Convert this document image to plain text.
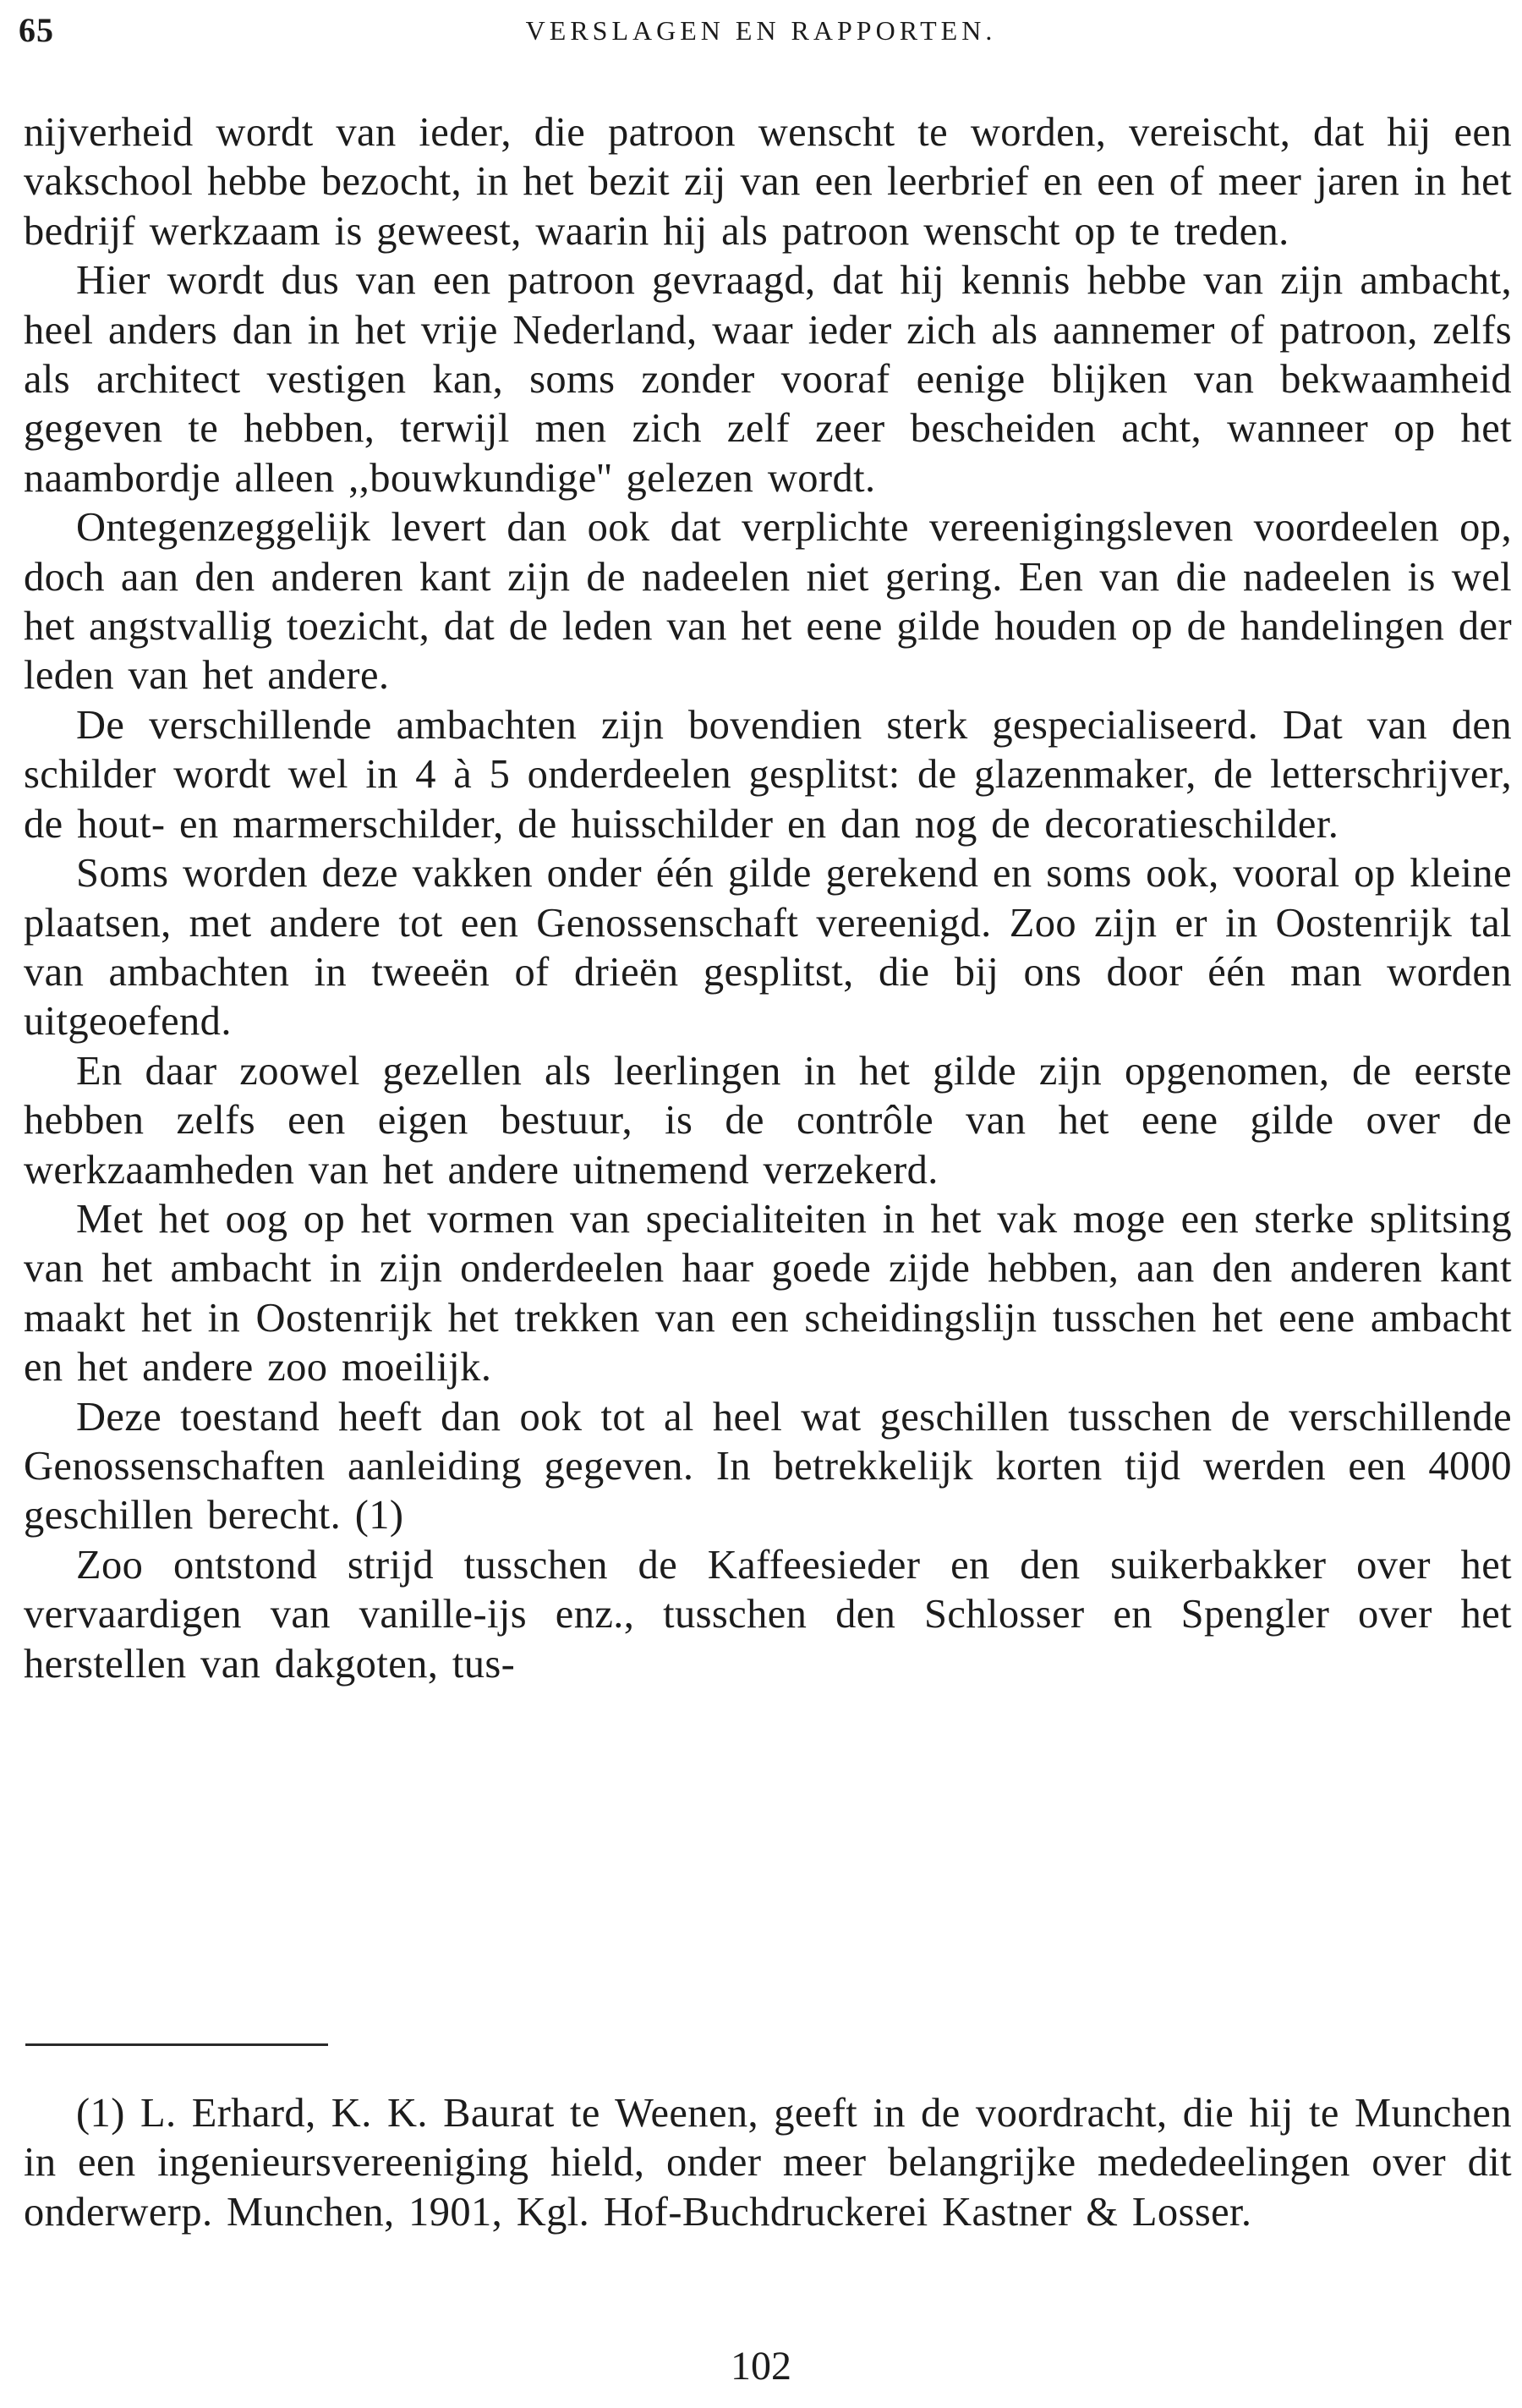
65	VERSLAGEN EN RAPPORTEN.

nijverheid wordt van ieder, die patroon wenscht te worden, vereischt, dat hij een vakschool hebbe bezocht, in het bezit zij van een leerbrief en een of meer jaren in het bedrijf werkzaam is geweest, waarin hij als patroon wenscht op te treden.

Hier wordt dus van een patroon gevraagd, dat hij kennis hebbe van zijn ambacht, heel anders dan in het vrije Nederland, waar ieder zich als aannemer of patroon, zelfs als architect vestigen kan, soms zonder vooraf eenige blijken van bekwaamheid gegeven te hebben, terwijl men zich zelf zeer bescheiden acht, wanneer op het naambordje alleen ,,bouwkundige'' gelezen wordt.

Ontegenzeggelijk levert dan ook dat verplichte vereenigingsleven voordeelen op, doch aan den anderen kant zijn de nadeelen niet gering. Een van die nadeelen is wel het angstvallig toezicht, dat de leden van het eene gilde houden op de handelingen der leden van het andere.

De verschillende ambachten zijn bovendien sterk gespecialiseerd. Dat van den schilder wordt wel in 4 à 5 onderdeelen gesplitst: de glazenmaker, de letterschrijver, de hout- en marmerschilder, de huisschilder en dan nog de decoratieschilder.

Soms worden deze vakken onder één gilde gerekend en soms ook, vooral op kleine plaatsen, met andere tot een Genossenschaft vereenigd. Zoo zijn er in Oostenrijk tal van ambachten in tweeën of drieën gesplitst, die bij ons door één man worden uitgeoefend.

En daar zoowel gezellen als leerlingen in het gilde zijn opgenomen, de eerste hebben zelfs een eigen bestuur, is de contrôle van het eene gilde over de werkzaamheden van het andere uitnemend verzekerd.

Met het oog op het vormen van specialiteiten in het vak moge een sterke splitsing van het ambacht in zijn onderdeelen haar goede zijde hebben, aan den anderen kant maakt het in Oostenrijk het trekken van een scheidingslijn tusschen het eene ambacht en het andere zoo moeilijk.

Deze toestand heeft dan ook tot al heel wat geschillen tusschen de verschillende Genossenschaften aanleiding gegeven. In betrekkelijk korten tijd werden een 4000 geschillen berecht. (1)

Zoo ontstond strijd tusschen de Kaffeesieder en den suikerbakker over het vervaardigen van vanille-ijs enz., tusschen den Schlosser en Spengler over het herstellen van dakgoten, tus-

(1) L. Erhard, K. K. Baurat te Weenen, geeft in de voordracht, die hij te Munchen in een ingenieursvereeniging hield, onder meer belangrijke mededeelingen over dit onderwerp. Munchen, 1901, Kgl. Hof-Buchdruckerei Kastner & Losser.

102
